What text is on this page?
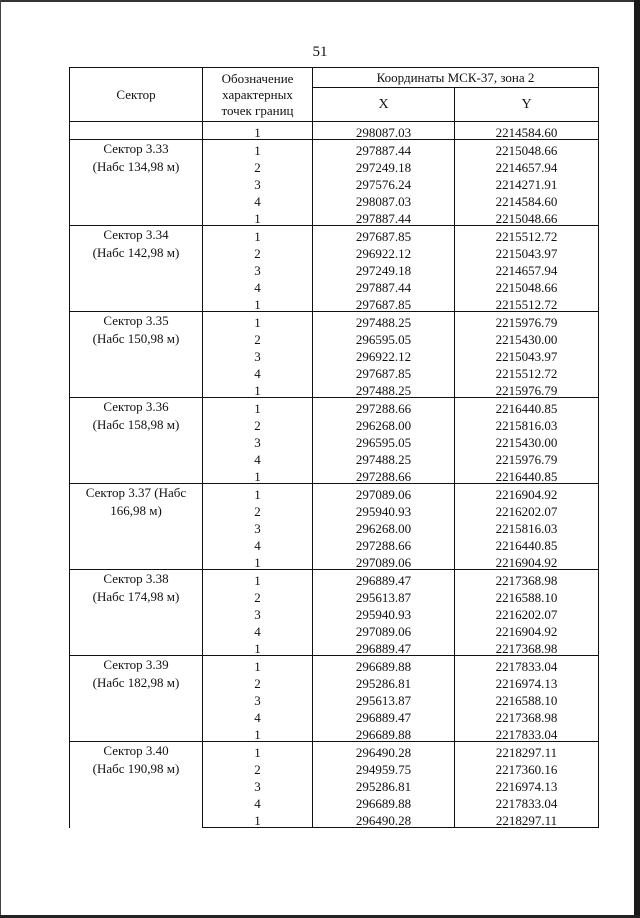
51
Сектор	Обозначение
характерных
точек границ	Координаты МСК-37, зона 2	
		X	Y
	1	298087.03	2214584.60
Сектор 3.33
(Набс 134,98 м)	1	297887.44	2215048.66
	2	297249.18	2214657.94
	3	297576.24	2214271.91
	4	298087.03	2214584.60
	1	297887.44	2215048.66
Сектор 3.34
(Набс 142,98 м)	1	297687.85	2215512.72
	2	296922.12	2215043.97
	3	297249.18	2214657.94
	4	297887.44	2215048.66
	1	297687.85	2215512.72
Сектор 3.35
(Набс 150,98 м)	1	297488.25	2215976.79
	2	296595.05	2215430.00
	3	296922.12	2215043.97
	4	297687.85	2215512.72
	1	297488.25	2215976.79
Сектор 3.36
(Набс 158,98 м)	1	297288.66	2216440.85
	2	296268.00	2215816.03
	3	296595.05	2215430.00
	4	297488.25	2215976.79
	1	297288.66	2216440.85
Сектор 3.37 (Набс
166,98 м)	1	297089.06	2216904.92
	2	295940.93	2216202.07
	3	296268.00	2215816.03
	4	297288.66	2216440.85
	1	297089.06	2216904.92
Сектор 3.38
(Набс 174,98 м)	1	296889.47	2217368.98
	2	295613.87	2216588.10
	3	295940.93	2216202.07
	4	297089.06	2216904.92
	1	296889.47	2217368.98
Сектор 3.39
(Набс 182,98 м)	1	296689.88	2217833.04
	2	295286.81	2216974.13
	3	295613.87	2216588.10
	4	296889.47	2217368.98
	1	296689.88	2217833.04
Сектор 3.40
(Набс 190,98 м)	1	296490.28	2218297.11
	2	294959.75	2217360.16
	3	295286.81	2216974.13
	4	296689.88	2217833.04
	1	296490.28	2218297.11
